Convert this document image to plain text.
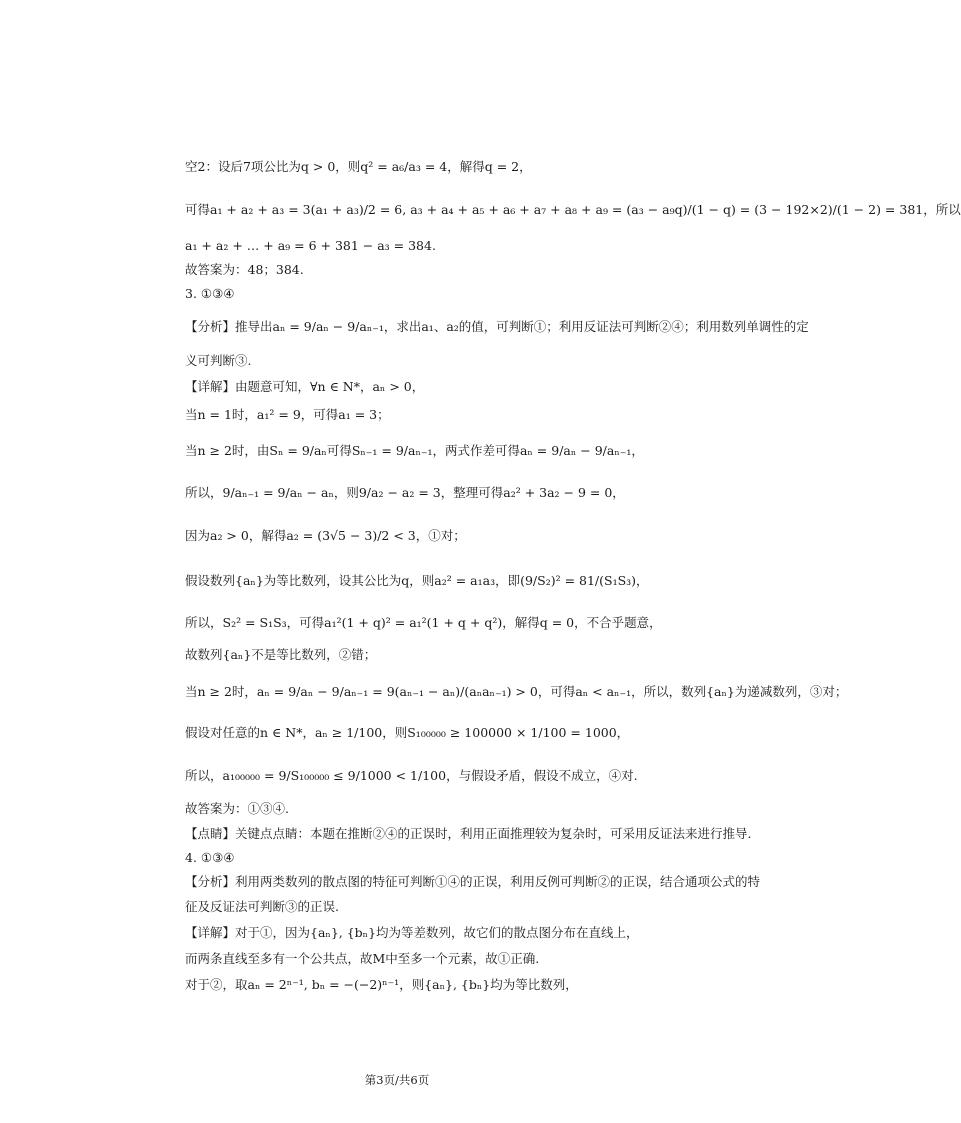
空2：设后7项公比为q > 0，则q² = a₆/a₃ = 4，解得q = 2，
可得a₁ + a₂ + a₃ = 3(a₁ + a₃)/2 = 6, a₃ + a₄ + a₅ + a₆ + a₇ + a₈ + a₉ = (a₃ − a₉q)/(1 − q) = (3 − 192×2)/(1 − 2) = 381，所以
a₁ + a₂ + … + a₉ = 6 + 381 − a₃ = 384.
故答案为：48；384.
3. ①③④
【分析】推导出aₙ = 9/aₙ − 9/aₙ₋₁，求出a₁、a₂的值，可判断①；利用反证法可判断②④；利用数列单调性的定
义可判断③.
【详解】由题意可知，∀n ∈ N*，aₙ > 0，
当n = 1时，a₁² = 9，可得a₁ = 3；
当n ≥ 2时，由Sₙ = 9/aₙ可得Sₙ₋₁ = 9/aₙ₋₁，两式作差可得aₙ = 9/aₙ − 9/aₙ₋₁，
所以，9/aₙ₋₁ = 9/aₙ − aₙ，则9/a₂ − a₂ = 3，整理可得a₂² + 3a₂ − 9 = 0，
因为a₂ > 0，解得a₂ = (3√5 − 3)/2 < 3，①对；
假设数列{aₙ}为等比数列，设其公比为q，则a₂² = a₁a₃，即(9/S₂)² = 81/(S₁S₃)，
所以，S₂² = S₁S₃，可得a₁²(1 + q)² = a₁²(1 + q + q²)，解得q = 0，不合乎题意，
故数列{aₙ}不是等比数列，②错；
当n ≥ 2时，aₙ = 9/aₙ − 9/aₙ₋₁ = 9(aₙ₋₁ − aₙ)/(aₙaₙ₋₁) > 0，可得aₙ < aₙ₋₁，所以，数列{aₙ}为递减数列，③对；
假设对任意的n ∈ N*，aₙ ≥ 1/100，则S₁₀₀₀₀₀ ≥ 100000 × 1/100 = 1000，
所以，a₁₀₀₀₀₀ = 9/S₁₀₀₀₀₀ ≤ 9/1000 < 1/100，与假设矛盾，假设不成立，④对.
故答案为：①③④.
【点睛】关键点点睛：本题在推断②④的正误时，利用正面推理较为复杂时，可采用反证法来进行推导.
4. ①③④
【分析】利用两类数列的散点图的特征可判断①④的正误，利用反例可判断②的正误，结合通项公式的特
征及反证法可判断③的正误.
【详解】对于①，因为{aₙ}, {bₙ}均为等差数列，故它们的散点图分布在直线上，
而两条直线至多有一个公共点，故M中至多一个元素，故①正确.
对于②，取aₙ = 2ⁿ⁻¹, bₙ = −(−2)ⁿ⁻¹，则{aₙ}, {bₙ}均为等比数列，
第3页/共6页
